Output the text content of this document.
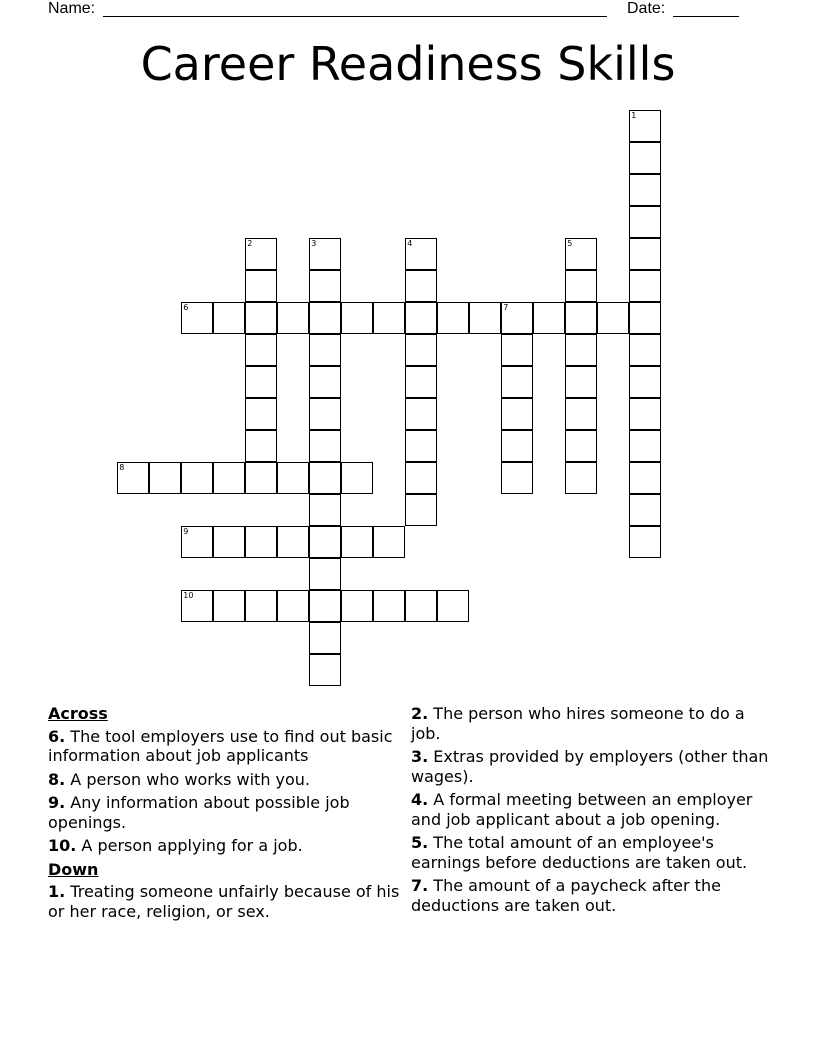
Name:	Date:
Career Readiness Skills
1
2	3	4	5
6	7
8
9
10
Across
6. The tool employers use to find out basic information about job applicants
8. A person who works with you.
9. Any information about possible job openings.
10. A person applying for a job.
Down
1. Treating someone unfairly because of his or her race, religion, or sex.
2. The person who hires someone to do a job.
3. Extras provided by employers (other than wages).
4. A formal meeting between an employer and job applicant about a job opening.
5. The total amount of an employee's earnings before deductions are taken out.
7. The amount of a paycheck after the deductions are taken out.
